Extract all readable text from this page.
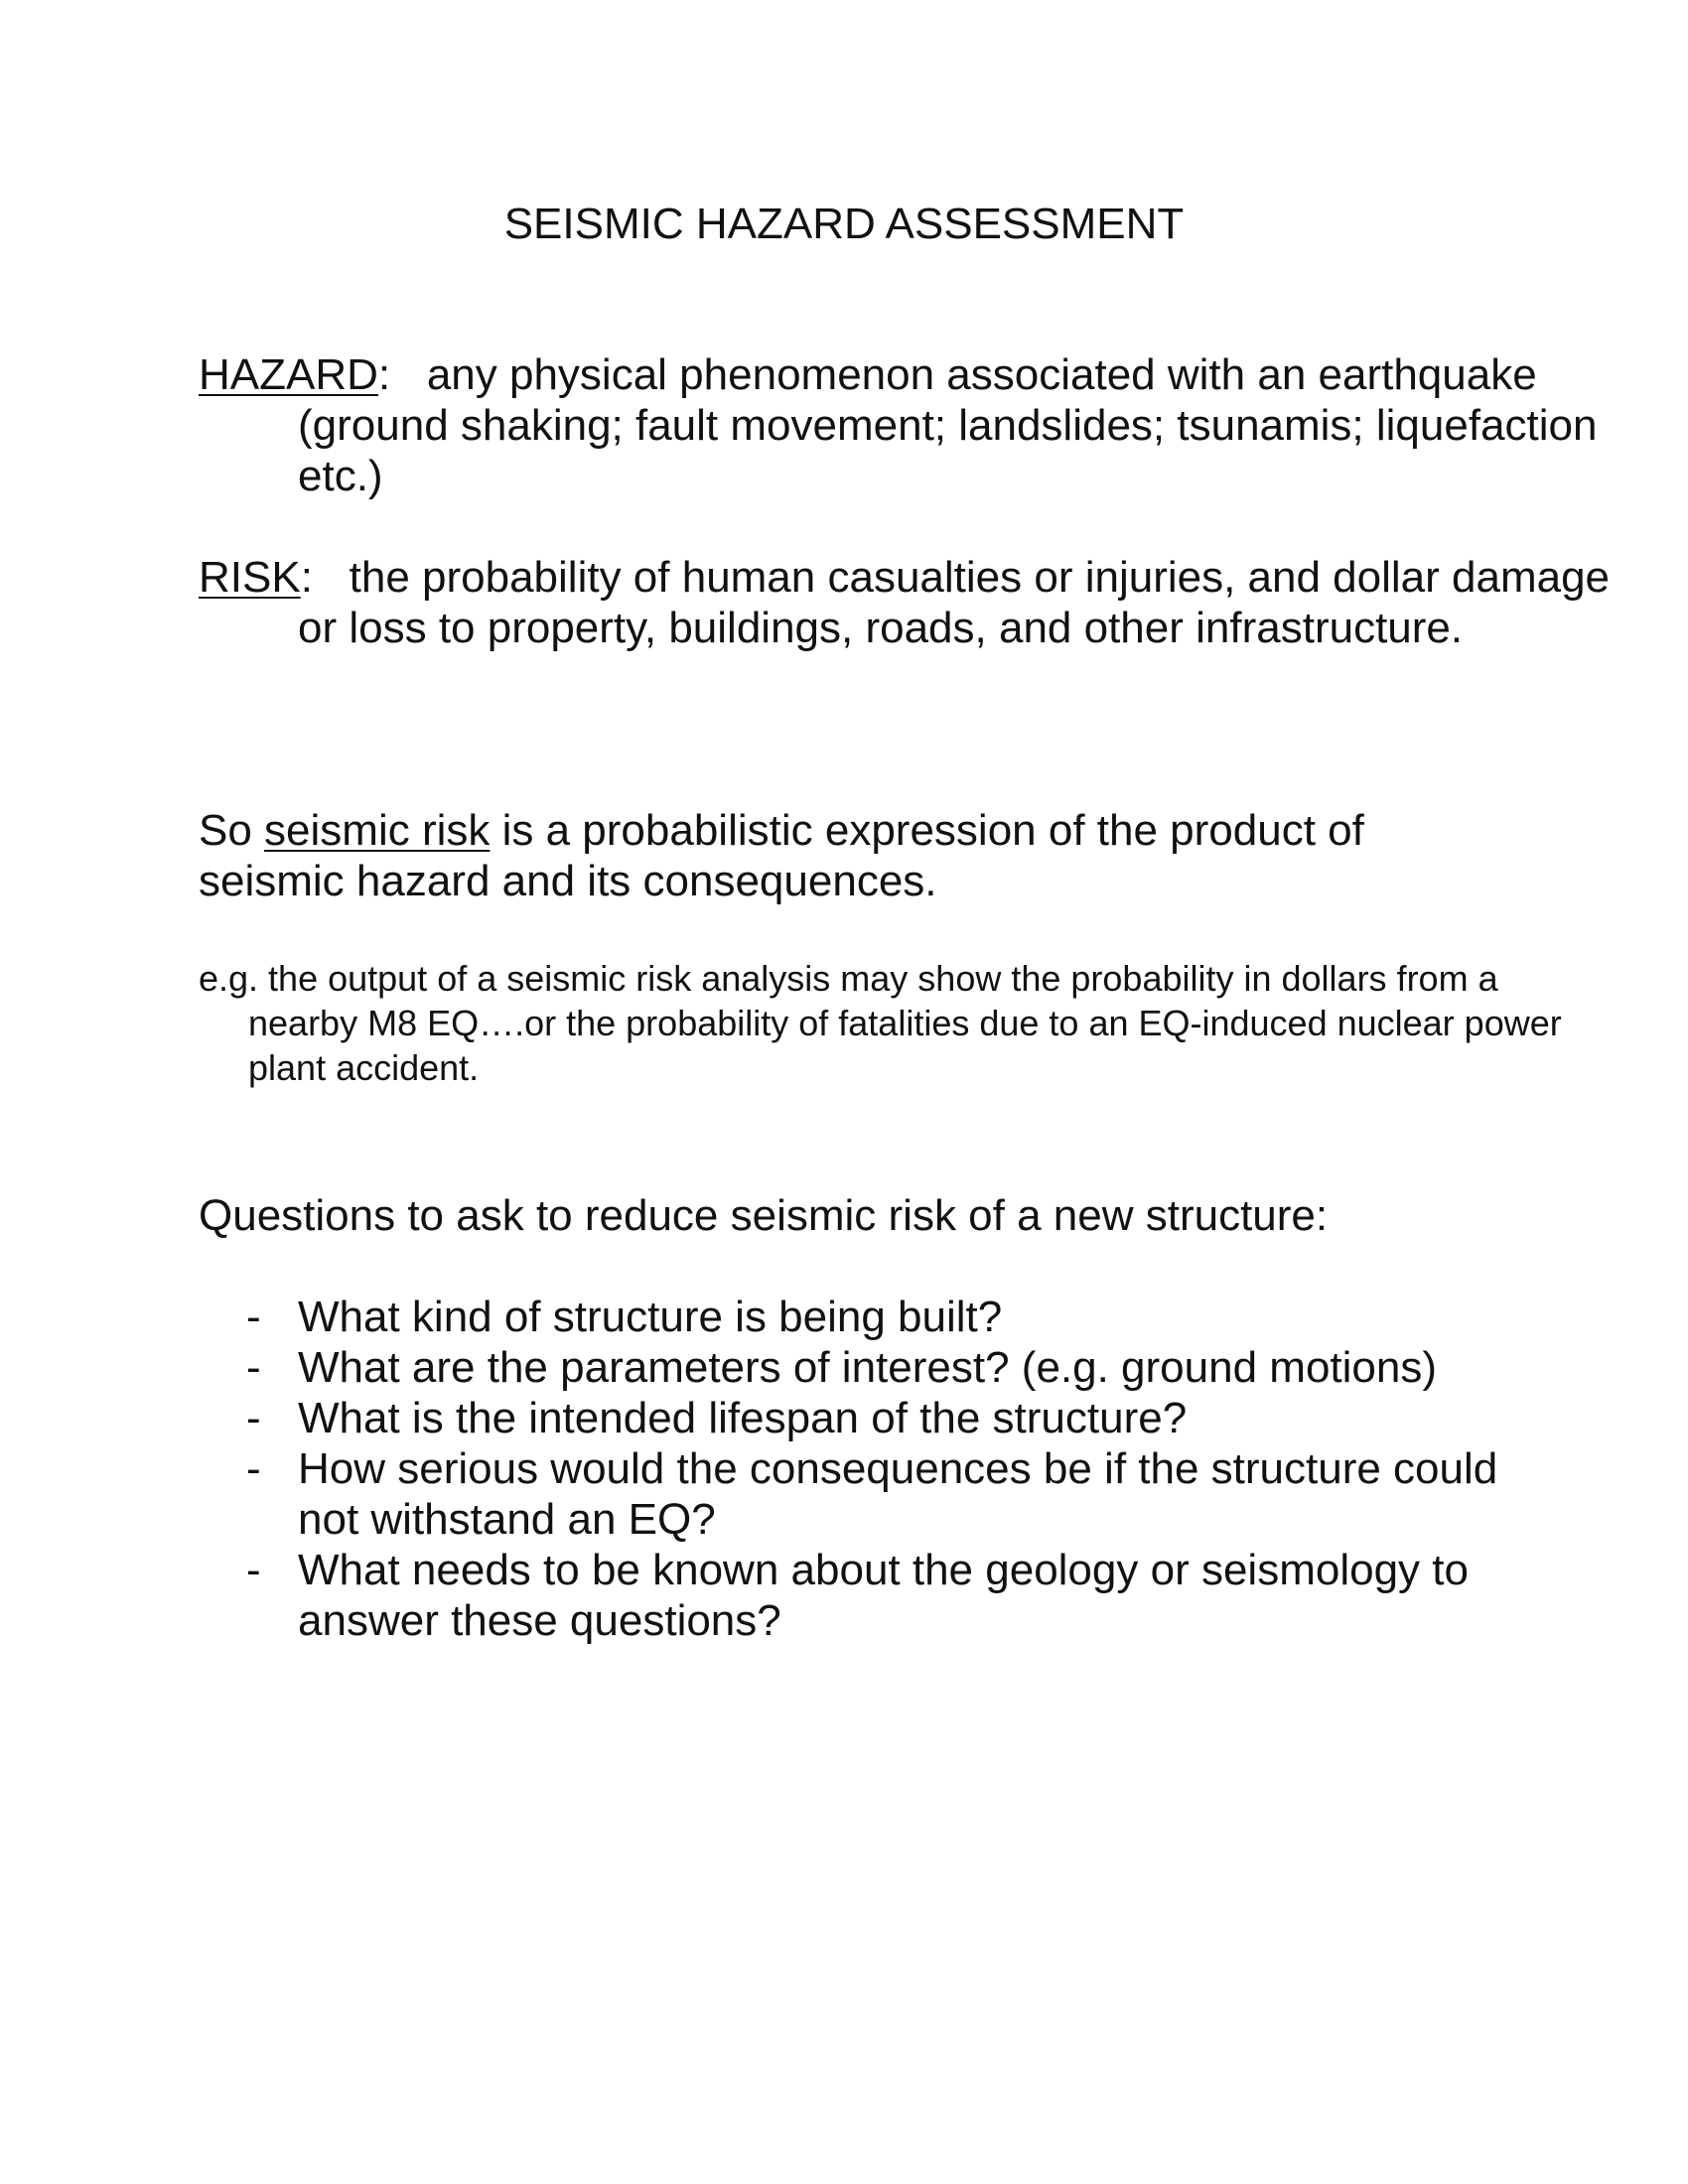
SEISMIC HAZARD ASSESSMENT
HAZARD: any physical phenomenon associated with an earthquake (ground shaking; fault movement; landslides; tsunamis; liquefaction etc.)
RISK: the probability of human casualties or injuries, and dollar damage or loss to property, buildings, roads, and other infrastructure.
So seismic risk is a probabilistic expression of the product of seismic hazard and its consequences.
e.g. the output of a seismic risk analysis may show the probability in dollars from a nearby M8 EQ….or the probability of fatalities due to an EQ-induced nuclear power plant accident.
Questions to ask to reduce seismic risk of a new structure:
- What kind of structure is being built?
- What are the parameters of interest? (e.g. ground motions)
- What is the intended lifespan of the structure?
- How serious would the consequences be if the structure could not withstand an EQ?
- What needs to be known about the geology or seismology to answer these questions?
